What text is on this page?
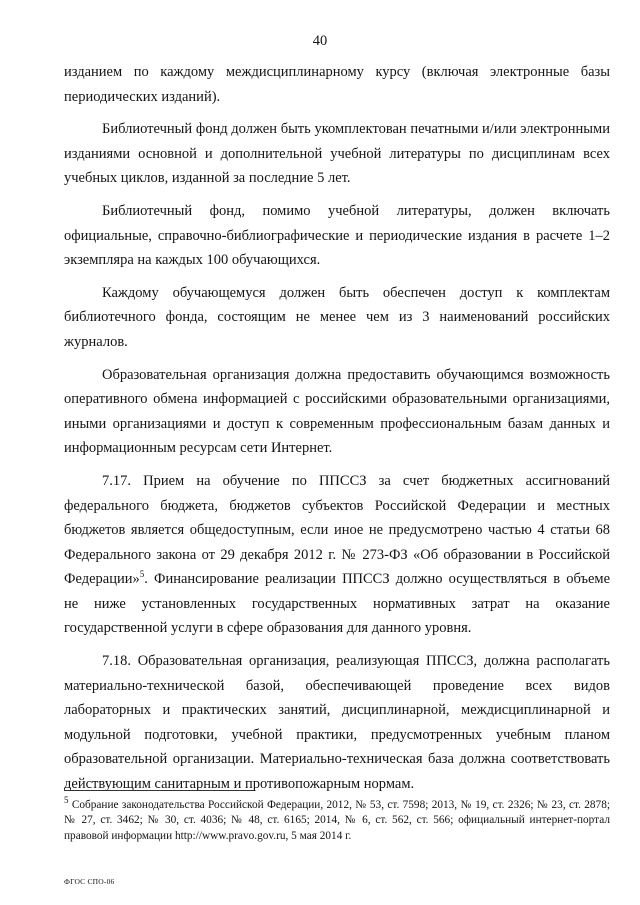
40

изданием по каждому междисциплинарному курсу (включая электронные базы периодических изданий).

Библиотечный фонд должен быть укомплектован печатными и/или электронными изданиями основной и дополнительной учебной литературы по дисциплинам всех учебных циклов, изданной за последние 5 лет.

Библиотечный фонд, помимо учебной литературы, должен включать официальные, справочно-библиографические и периодические издания в расчете 1–2 экземпляра на каждых 100 обучающихся.

Каждому обучающемуся должен быть обеспечен доступ к комплектам библиотечного фонда, состоящим не менее чем из 3 наименований российских журналов.

Образовательная организация должна предоставить обучающимся возможность оперативного обмена информацией с российскими образовательными организациями, иными организациями и доступ к современным профессиональным базам данных и информационным ресурсам сети Интернет.

7.17. Прием на обучение по ППССЗ за счет бюджетных ассигнований федерального бюджета, бюджетов субъектов Российской Федерации и местных бюджетов является общедоступным, если иное не предусмотрено частью 4 статьи 68 Федерального закона от 29 декабря 2012 г. № 273-ФЗ «Об образовании в Российской Федерации»$^5$. Финансирование реализации ППССЗ должно осуществляться в объеме не ниже установленных государственных нормативных затрат на оказание государственной услуги в сфере образования для данного уровня.

7.18. Образовательная организация, реализующая ППССЗ, должна располагать материально-технической базой, обеспечивающей проведение всех видов лабораторных и практических занятий, дисциплинарной, междисциплинарной и модульной подготовки, учебной практики, предусмотренных учебным планом образовательной организации. Материально-техническая база должна соответствовать действующим санитарным и противопожарным нормам.

$^5$ Собрание законодательства Российской Федерации, 2012, № 53, ст. 7598; 2013, № 19, ст. 2326; № 23, ст. 2878; № 27, ст. 3462; № 30, ст. 4036; № 48, ст. 6165; 2014, № 6, ст. 562, ст. 566; официальный интернет-портал правовой информации http://www.pravo.gov.ru, 5 мая 2014 г.

ФГОС СПО-06
